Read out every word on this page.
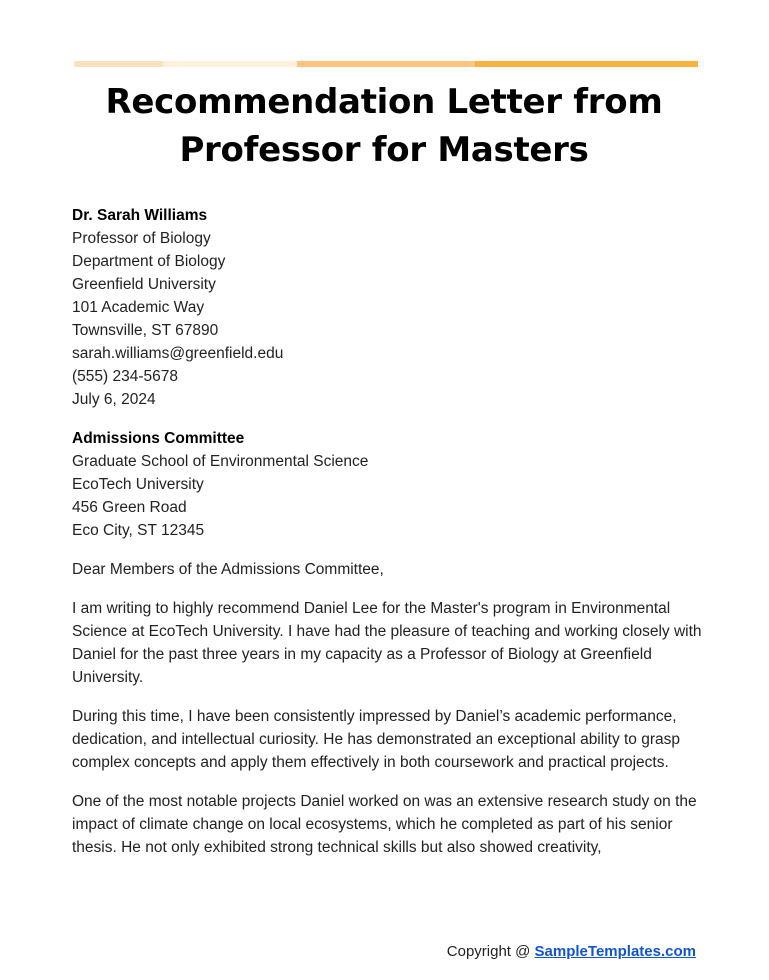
Recommendation Letter from Professor for Masters
Dr. Sarah Williams
Professor of Biology
Department of Biology
Greenfield University
101 Academic Way
Townsville, ST 67890
sarah.williams@greenfield.edu
(555) 234-5678
July 6, 2024
Admissions Committee
Graduate School of Environmental Science
EcoTech University
456 Green Road
Eco City, ST 12345

Dear Members of the Admissions Committee,

I am writing to highly recommend Daniel Lee for the Master's program in Environmental Science at EcoTech University. I have had the pleasure of teaching and working closely with Daniel for the past three years in my capacity as a Professor of Biology at Greenfield University.

During this time, I have been consistently impressed by Daniel’s academic performance, dedication, and intellectual curiosity. He has demonstrated an exceptional ability to grasp complex concepts and apply them effectively in both coursework and practical projects.

One of the most notable projects Daniel worked on was an extensive research study on the impact of climate change on local ecosystems, which he completed as part of his senior thesis. He not only exhibited strong technical skills but also showed creativity,

Copyright @ SampleTemplates.com
